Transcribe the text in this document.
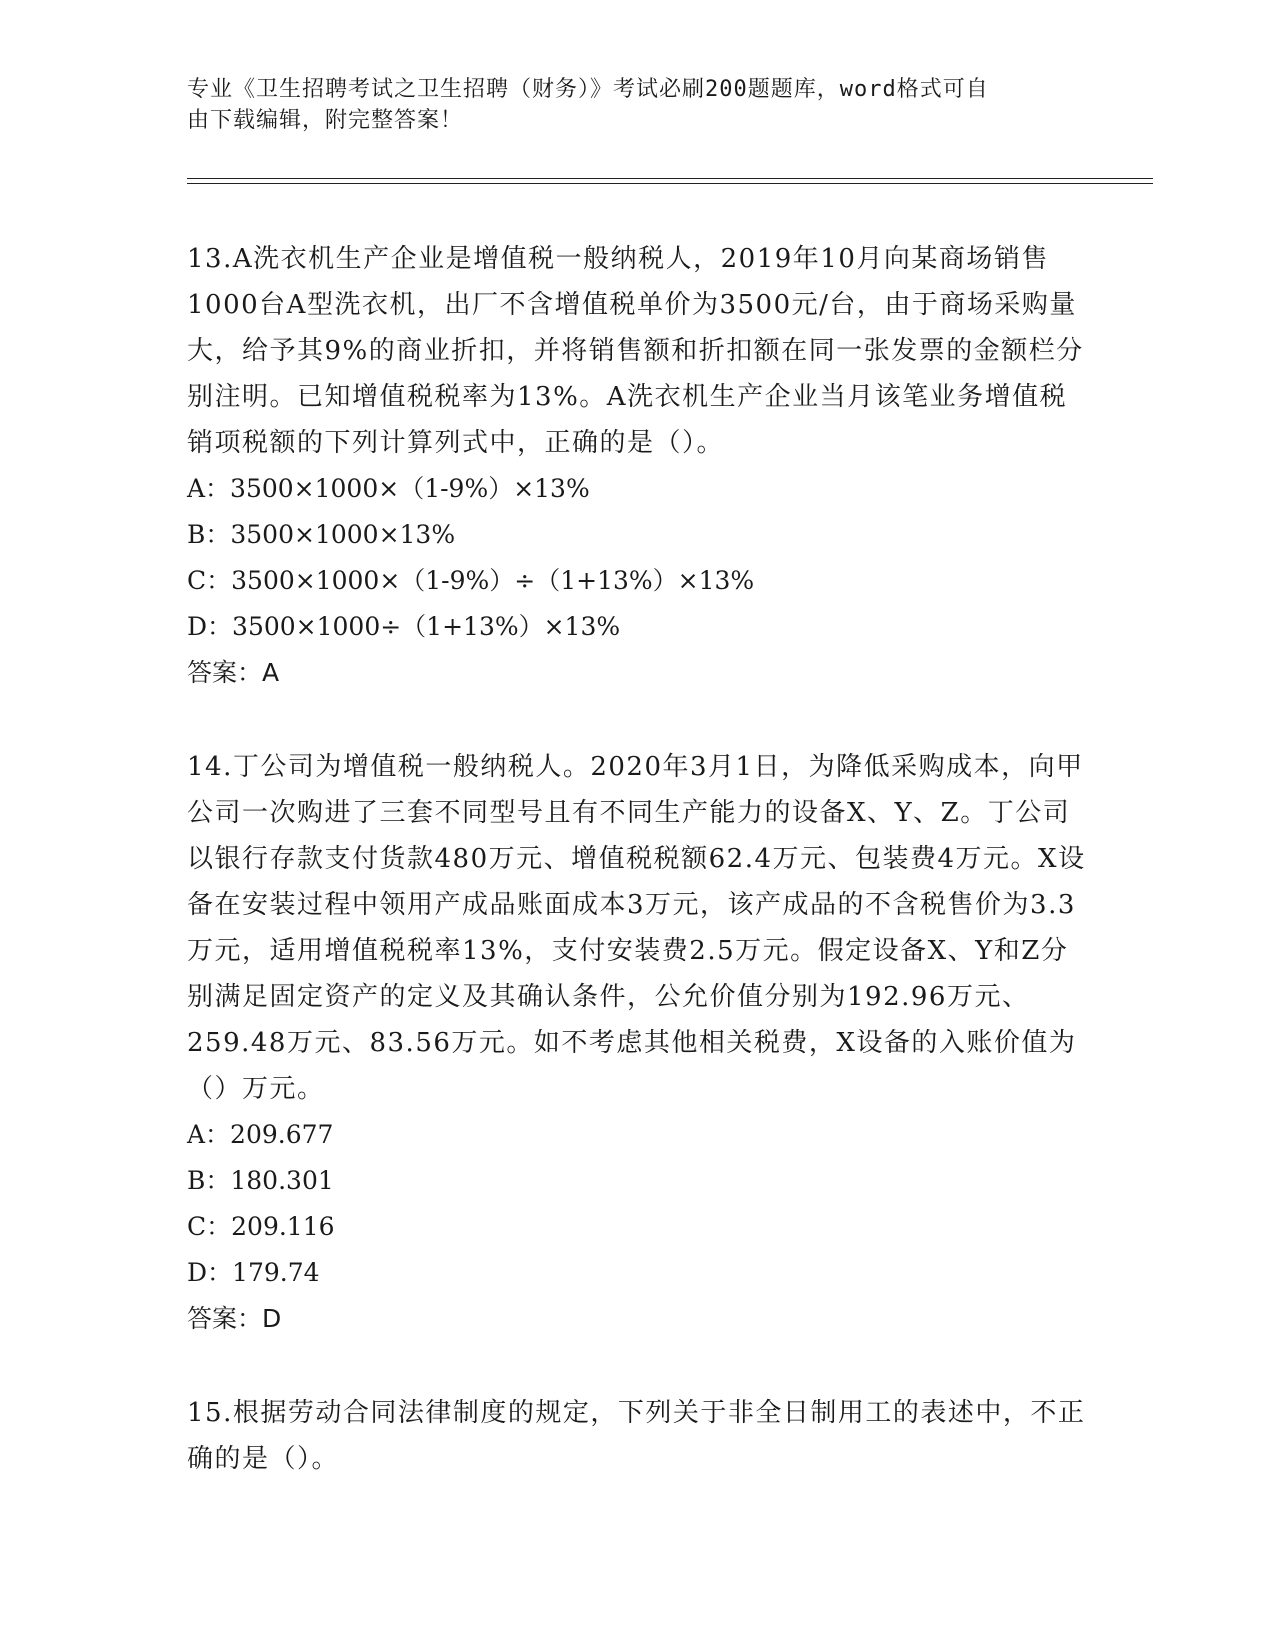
专业《卫生招聘考试之卫生招聘（财务）》考试必刷200题题库，word格式可自
由下载编辑，附完整答案！

13.A洗衣机生产企业是增值税一般纳税人，2019年10月向某商场销售1000台A型洗衣机，出厂不含增值税单价为3500元/台，由于商场采购量大，给予其9%的商业折扣，并将销售额和折扣额在同一张发票的金额栏分别注明。已知增值税税率为13%。A洗衣机生产企业当月该笔业务增值税销项税额的下列计算列式中，正确的是（）。

A：3500×1000×（1-9%）×13%

B：3500×1000×13%

C：3500×1000×（1-9%）÷（1+13%）×13%

D：3500×1000÷（1+13%）×13%

答案：A

14.丁公司为增值税一般纳税人。2020年3月1日，为降低采购成本，向甲公司一次购进了三套不同型号且有不同生产能力的设备X、Y、Z。丁公司以银行存款支付货款480万元、增值税税额62.4万元、包装费4万元。X设备在安装过程中领用产成品账面成本3万元，该产成品的不含税售价为3.3万元，适用增值税税率13%，支付安装费2.5万元。假定设备X、Y和Z分别满足固定资产的定义及其确认条件，公允价值分别为192.96万元、259.48万元、83.56万元。如不考虑其他相关税费，X设备的入账价值为（）万元。

A：209.677

B：180.301

C：209.116

D：179.74

答案：D

15.根据劳动合同法律制度的规定，下列关于非全日制用工的表述中，不正确的是（）。
